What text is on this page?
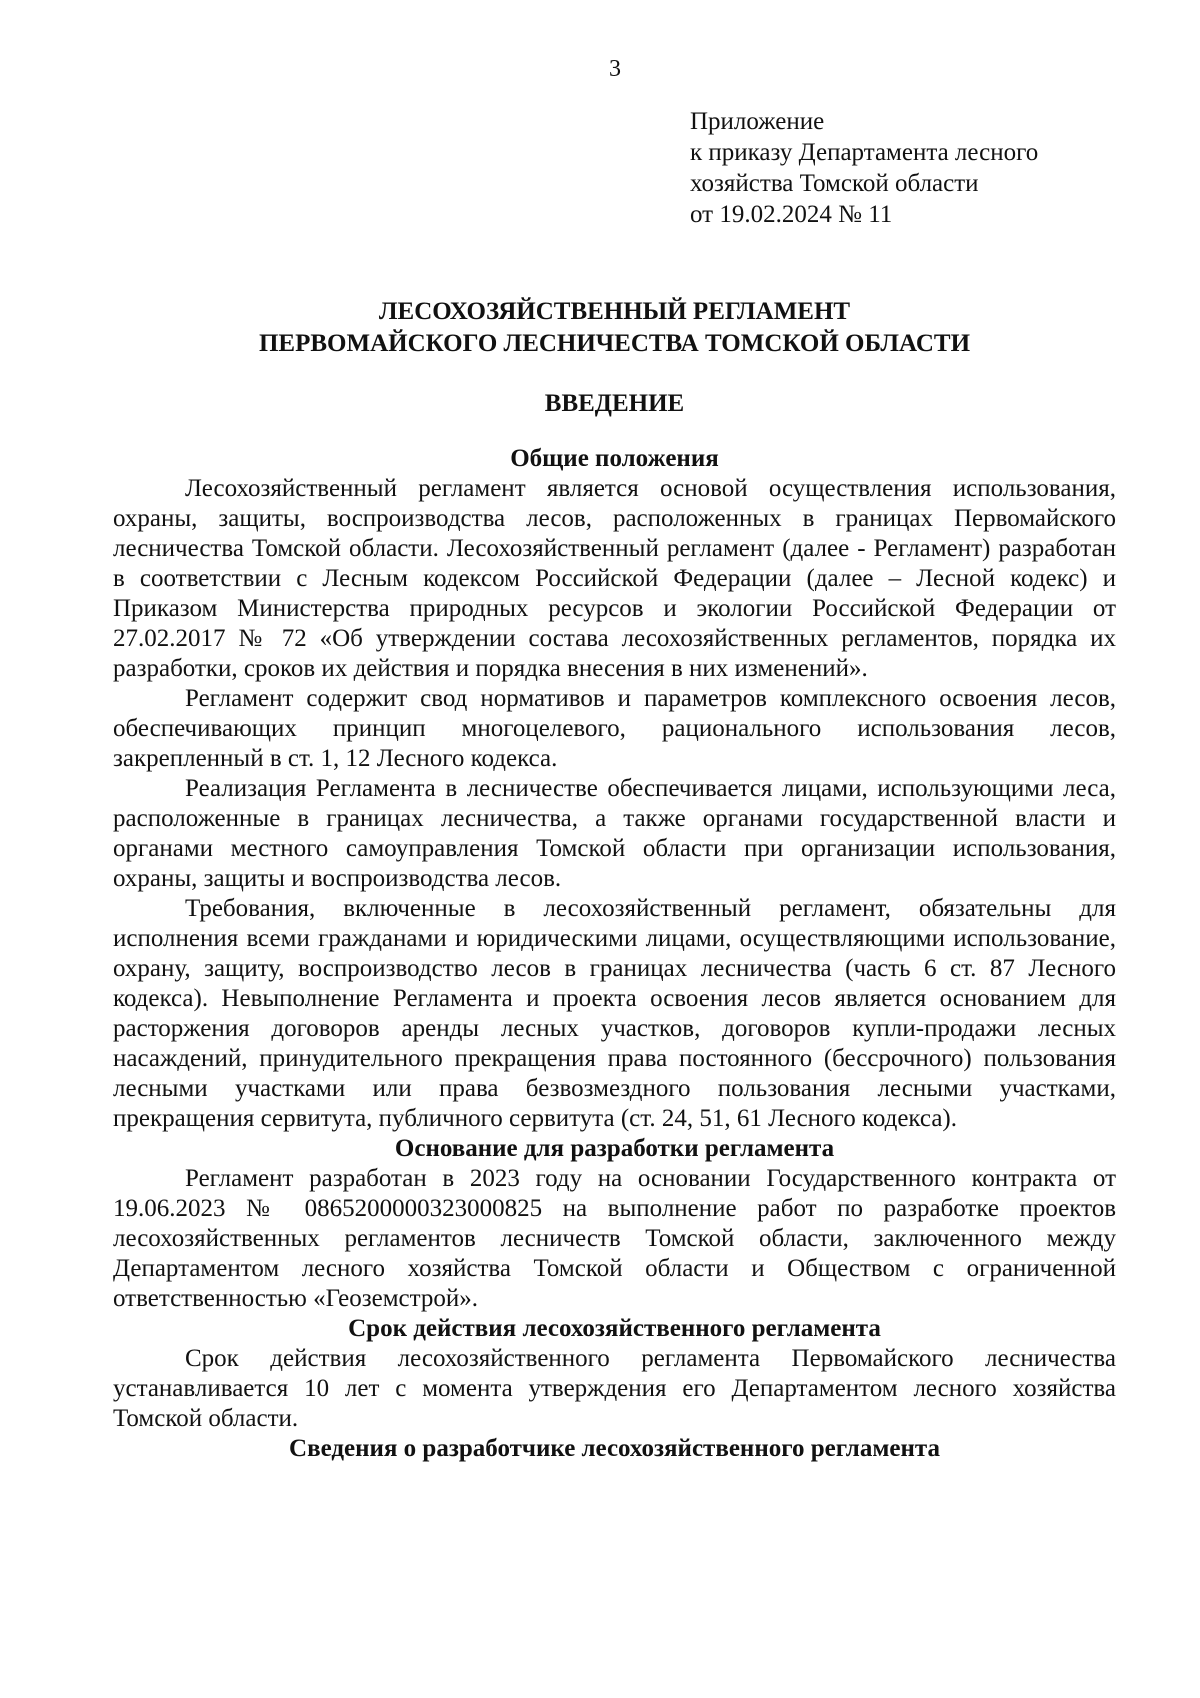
3
Приложение
к приказу Департамента лесного
хозяйства Томской области
от 19.02.2024 № 11
ЛЕСОХОЗЯЙСТВЕННЫЙ РЕГЛАМЕНТ
ПЕРВОМАЙСКОГО ЛЕСНИЧЕСТВА ТОМСКОЙ ОБЛАСТИ
ВВЕДЕНИЕ
Общие положения

Лесохозяйственный регламент является основой осуществления использования, охраны, защиты, воспроизводства лесов, расположенных в границах Первомайского лесничества Томской области. Лесохозяйственный регламент (далее - Регламент) разработан в соответствии с Лесным кодексом Российской Федерации (далее – Лесной кодекс) и Приказом Министерства природных ресурсов и экологии Российской Федерации от 27.02.2017 № 72 «Об утверждении состава лесохозяйственных регламентов, порядка их разработки, сроков их действия и порядка внесения в них изменений».

Регламент содержит свод нормативов и параметров комплексного освоения лесов, обеспечивающих принцип многоцелевого, рационального использования лесов, закрепленный в ст. 1, 12 Лесного кодекса.

Реализация Регламента в лесничестве обеспечивается лицами, использующими леса, расположенные в границах лесничества, а также органами государственной власти и органами местного самоуправления Томской области при организации использования, охраны, защиты и воспроизводства лесов.

Требования, включенные в лесохозяйственный регламент, обязательны для исполнения всеми гражданами и юридическими лицами, осуществляющими использование, охрану, защиту, воспроизводство лесов в границах лесничества (часть 6 ст. 87 Лесного кодекса). Невыполнение Регламента и проекта освоения лесов является основанием для расторжения договоров аренды лесных участков, договоров купли-продажи лесных насаждений, принудительного прекращения права постоянного (бессрочного) пользования лесными участками или права безвозмездного пользования лесными участками, прекращения сервитута, публичного сервитута (ст. 24, 51, 61 Лесного кодекса).

Основание для разработки регламента

Регламент разработан в 2023 году на основании Государственного контракта от 19.06.2023 № 0865200000323000825 на выполнение работ по разработке проектов лесохозяйственных регламентов лесничеств Томской области, заключенного между Департаментом лесного хозяйства Томской области и Обществом с ограниченной ответственностью «Геоземстрой».

Срок действия лесохозяйственного регламента

Срок действия лесохозяйственного регламента Первомайского лесничества устанавливается 10 лет с момента утверждения его Департаментом лесного хозяйства Томской области.

Сведения о разработчике лесохозяйственного регламента
